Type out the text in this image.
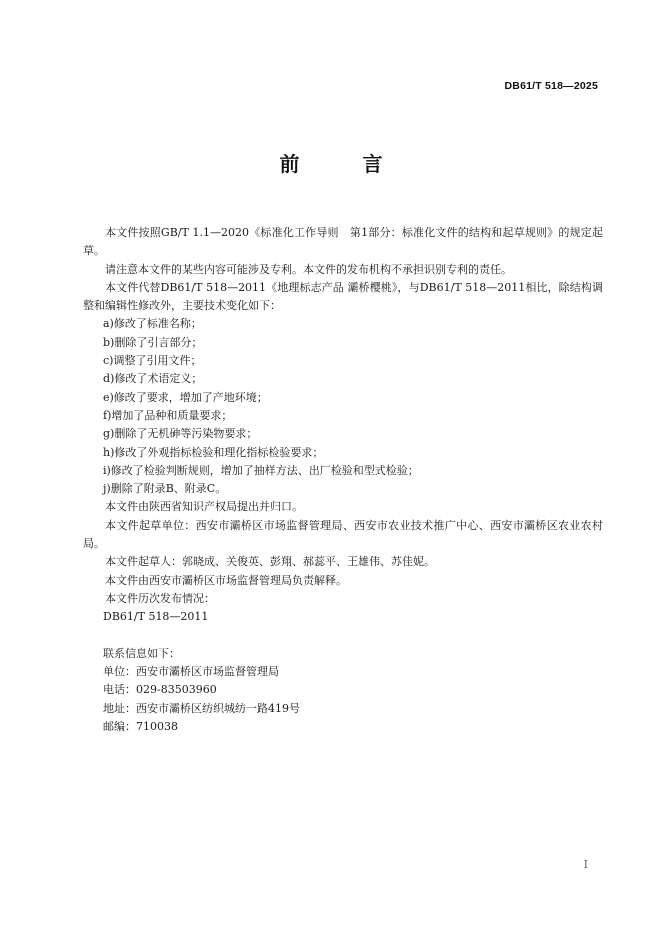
DB61/T 518—2025
前 言

本文件按照GB/T 1.1—2020《标准化工作导则　第1部分：标准化文件的结构和起草规则》的规定起草。

请注意本文件的某些内容可能涉及专利。本文件的发布机构不承担识别专利的责任。

本文件代替DB61/T 518—2011《地理标志产品 灞桥樱桃》，与DB61/T 518—2011相比，除结构调整和编辑性修改外，主要技术变化如下：

a)修改了标准名称；

b)删除了引言部分；

c)调整了引用文件；

d)修改了术语定义；

e)修改了要求，增加了产地环境；

f)增加了品种和质量要求；

g)删除了无机砷等污染物要求；

h)修改了外观指标检验和理化指标检验要求；

i)修改了检验判断规则，增加了抽样方法、出厂检验和型式检验；

j)删除了附录B、附录C。

本文件由陕西省知识产权局提出并归口。

本文件起草单位：西安市灞桥区市场监督管理局、西安市农业技术推广中心、西安市灞桥区农业农村局。

本文件起草人：郭晓成、关俊英、彭翔、郝蕊平、王雄伟、苏佳妮。

本文件由西安市灞桥区市场监督管理局负责解释。

本文件历次发布情况：

DB61/T 518—2011

联系信息如下：

单位：西安市灞桥区市场监督管理局

电话：029-83503960

地址：西安市灞桥区纺织城纺一路419号

邮编：710038

I
